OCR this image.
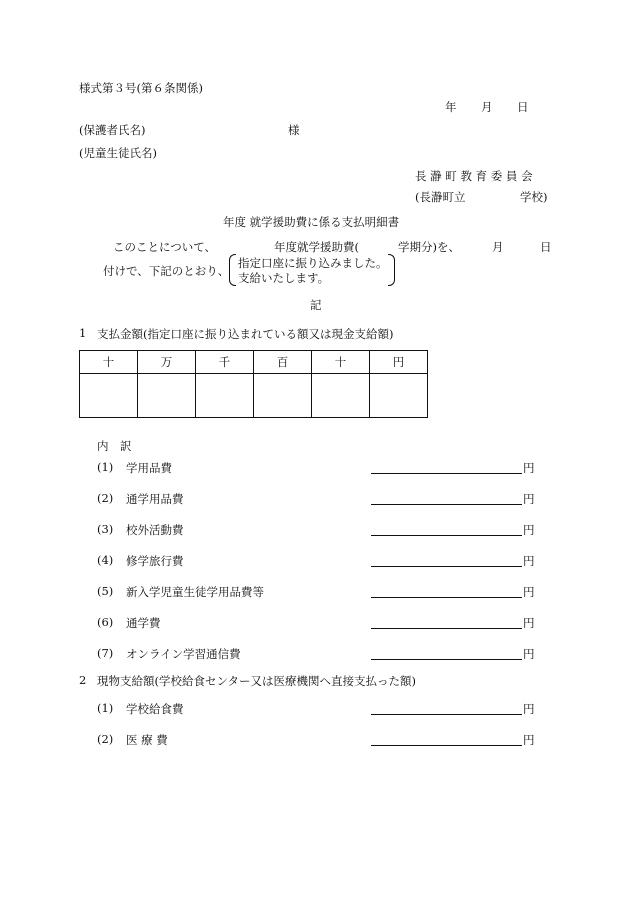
様式第３号(第６条関係)
年 月 日
(保護者氏名)	様
(児童生徒氏名)
長 瀞 町 教 育 委 員 会
(長瀞町立	学校)
年度 就学援助費に係る支払明細書
このことについて、	年度就学援助費(	学期分)を、	月	日
付けで、下記のとおり、
指定口座に振り込みました。
支給いたします。
記
1 支払金額(指定口座に振り込まれている額又は現金支給額)
十	万	千	百	十	円

内　訳
(1) 学用品費	円
(2) 通学用品費	円
(3) 校外活動費	円
(4) 修学旅行費	円
(5) 新入学児童生徒学用品費等	円
(6) 通学費	円
(7) オンライン学習通信費	円
2 現物支給額(学校給食センター又は医療機関へ直接支払った額)
(1) 学校給食費	円
(2) 医 療 費	円
